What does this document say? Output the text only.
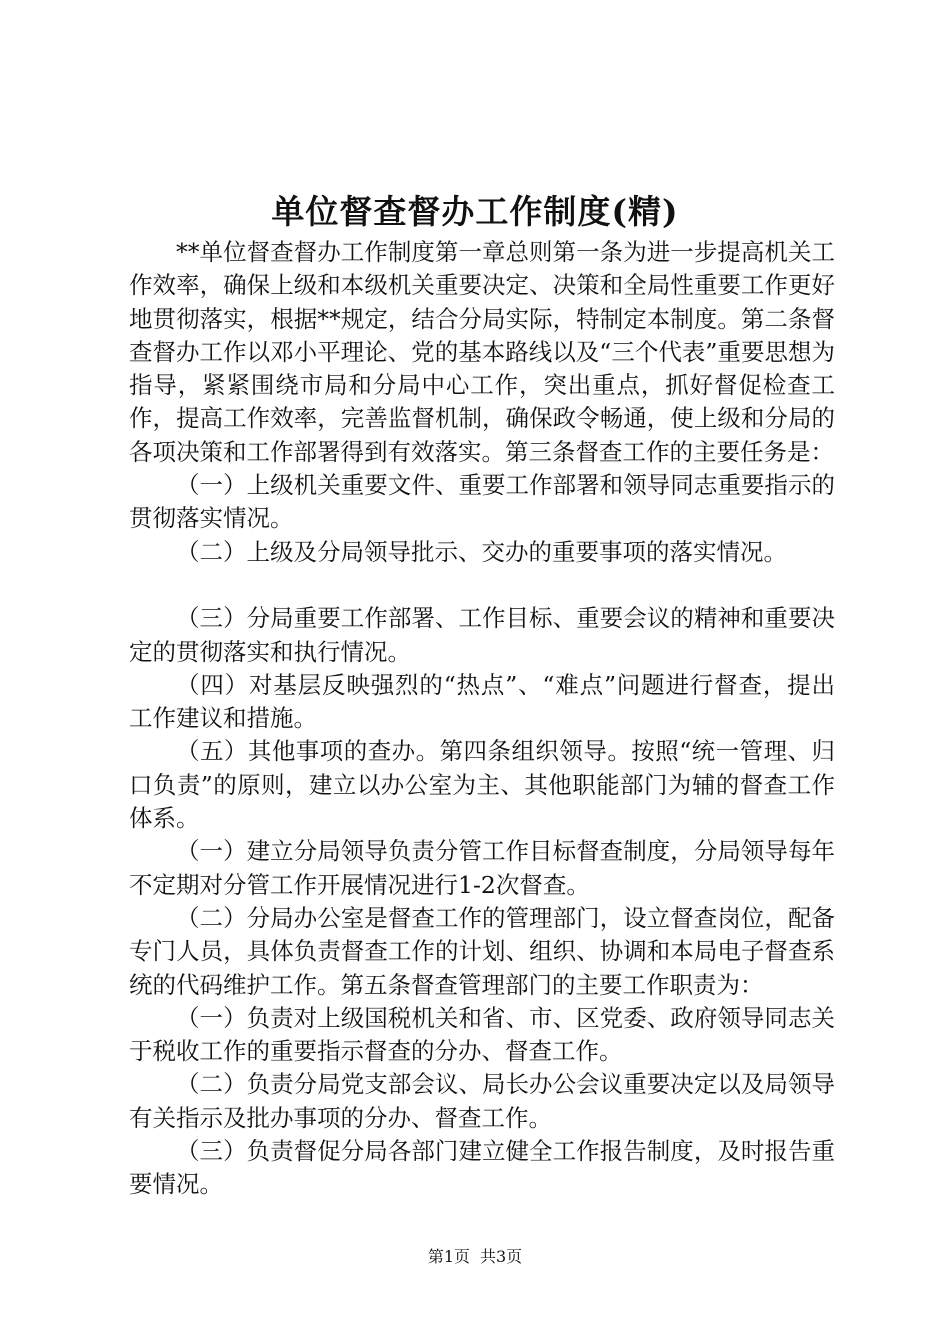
单位督查督办工作制度(精)

**单位督查督办工作制度第一章总则第一条为进一步提高机关工作效率，确保上级和本级机关重要决定、决策和全局性重要工作更好地贯彻落实，根据**规定，结合分局实际，特制定本制度。第二条督查督办工作以邓小平理论、党的基本路线以及“三个代表”重要思想为指导，紧紧围绕市局和分局中心工作，突出重点，抓好督促检查工作，提高工作效率，完善监督机制，确保政令畅通，使上级和分局的各项决策和工作部署得到有效落实。第三条督查工作的主要任务是：

（一）上级机关重要文件、重要工作部署和领导同志重要指示的贯彻落实情况。

（二）上级及分局领导批示、交办的重要事项的落实情况。

（三）分局重要工作部署、工作目标、重要会议的精神和重要决定的贯彻落实和执行情况。

（四）对基层反映强烈的“热点”、“难点”问题进行督查，提出工作建议和措施。

（五）其他事项的查办。第四条组织领导。按照“统一管理、归口负责”的原则，建立以办公室为主、其他职能部门为辅的督查工作体系。

（一）建立分局领导负责分管工作目标督查制度，分局领导每年不定期对分管工作开展情况进行1-2次督查。

（二）分局办公室是督查工作的管理部门，设立督查岗位，配备专门人员，具体负责督查工作的计划、组织、协调和本局电子督查系统的代码维护工作。第五条督查管理部门的主要工作职责为：

（一）负责对上级国税机关和省、市、区党委、政府领导同志关于税收工作的重要指示督查的分办、督查工作。

（二）负责分局党支部会议、局长办公会议重要决定以及局领导有关指示及批办事项的分办、督查工作。

（三）负责督促分局各部门建立健全工作报告制度，及时报告重要情况。

第1页 共3页
